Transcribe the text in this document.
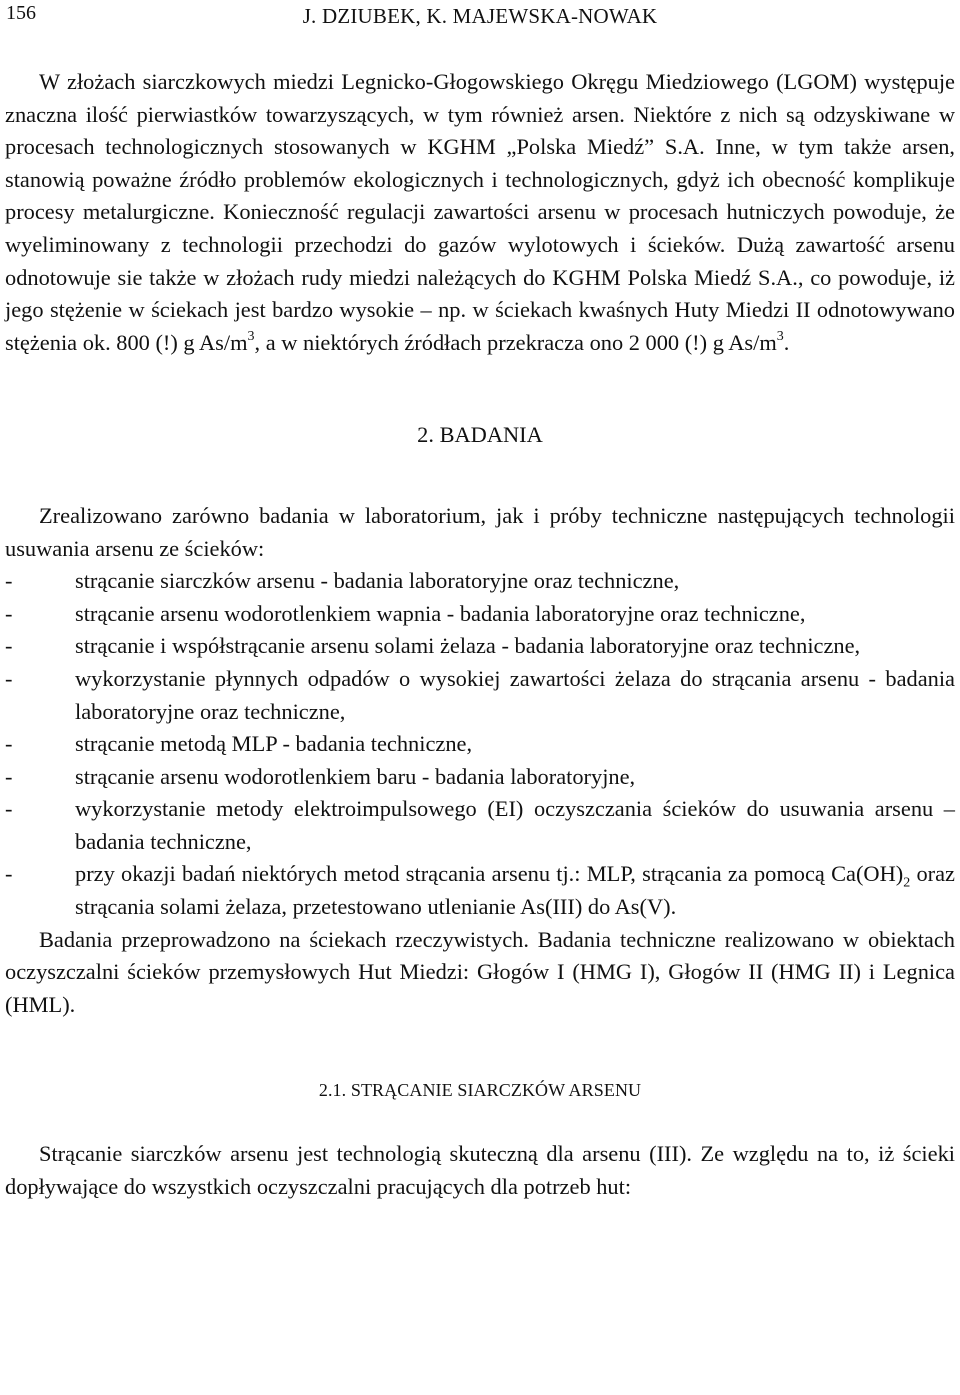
156	J. DZIUBEK, K. MAJEWSKA-NOWAK

W złożach siarczkowych miedzi Legnicko-Głogowskiego Okręgu Miedziowego (LGOM) występuje znaczna ilość pierwiastków towarzyszących, w tym również arsen. Niektóre z nich są odzyskiwane w procesach technologicznych stosowanych w KGHM „Polska Miedź” S.A. Inne, w tym także arsen, stanowią poważne źródło problemów ekologicznych i technologicznych, gdyż ich obecność komplikuje procesy metalurgiczne. Konieczność regulacji zawartości arsenu w procesach hutniczych powoduje, że wyeliminowany z technologii przechodzi do gazów wylotowych i ścieków. Dużą zawartość arsenu odnotowuje sie także w złożach rudy miedzi należących do KGHM Polska Miedź S.A., co powoduje, iż jego stężenie w ściekach jest bardzo wysokie – np. w ściekach kwaśnych Huty Miedzi II odnotowywano stężenia ok. 800 (!) g $As/m^3$, a w niektórych źródłach przekracza ono 2 000 (!) g $As/m^3$.

2. BADANIA

Zrealizowano zarówno badania w laboratorium, jak i próby techniczne następujących technologii usuwania arsenu ze ścieków:

-	strącanie siarczków arsenu - badania laboratoryjne oraz techniczne,
-	strącanie arsenu wodorotlenkiem wapnia - badania laboratoryjne oraz techniczne,
-	strącanie i współstrącanie arsenu solami żelaza - badania laboratoryjne oraz techniczne,
-	wykorzystanie płynnych odpadów o wysokiej zawartości żelaza do strącania arsenu - badania laboratoryjne oraz techniczne,
-	strącanie metodą MLP - badania techniczne,
-	strącanie arsenu wodorotlenkiem baru - badania laboratoryjne,
-	wykorzystanie metody elektroimpulsowego (EI) oczyszczania ścieków do usuwania arsenu – badania techniczne,
-	przy okazji badań niektórych metod strącania arsenu tj.: MLP, strącania za pomocą $Ca(OH)_2$ oraz strącania solami żelaza, przetestowano utlenianie As(III) do As(V).

Badania przeprowadzono na ściekach rzeczywistych. Badania techniczne realizowano w obiektach oczyszczalni ścieków przemysłowych Hut Miedzi: Głogów I (HMG I), Głogów II (HMG II) i Legnica (HML).

2.1. STRĄCANIE SIARCZKÓW ARSENU

Strącanie siarczków arsenu jest technologią skuteczną dla arsenu (III). Ze względu na to, iż ścieki dopływające do wszystkich oczyszczalni pracujących dla potrzeb hut:
